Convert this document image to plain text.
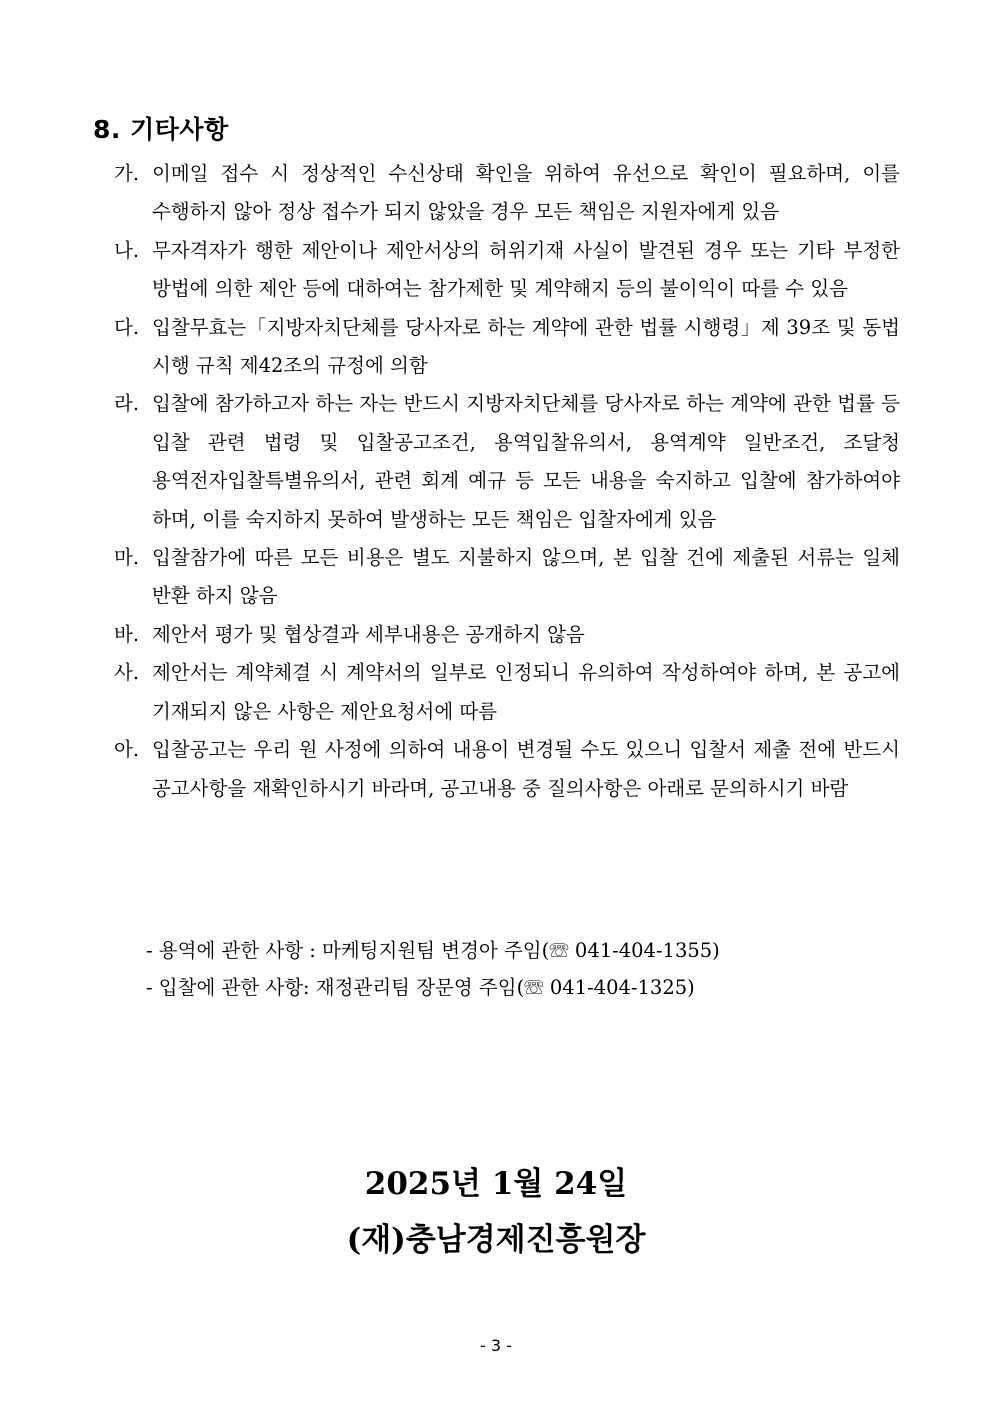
8. 기타사항
가. 이메일 접수 시 정상적인 수신상태 확인을 위하여 유선으로 확인이 필요하며, 이를 수행하지 않아 정상 접수가 되지 않았을 경우 모든 책임은 지원자에게 있음
나. 무자격자가 행한 제안이나 제안서상의 허위기재 사실이 발견된 경우 또는 기타 부정한 방법에 의한 제안 등에 대하여는 참가제한 및 계약해지 등의 불이익이 따를 수 있음
다. 입찰무효는「지방자치단체를 당사자로 하는 계약에 관한 법률 시행령」제 39조 및 동법 시행 규칙 제42조의 규정에 의함
라. 입찰에 참가하고자 하는 자는 반드시 지방자치단체를 당사자로 하는 계약에 관한 법률 등 입찰 관련 법령 및 입찰공고조건, 용역입찰유의서, 용역계약 일반조건, 조달청 용역전자입찰특별유의서, 관련 회계 예규 등 모든 내용을 숙지하고 입찰에 참가하여야 하며, 이를 숙지하지 못하여 발생하는 모든 책임은 입찰자에게 있음
마. 입찰참가에 따른 모든 비용은 별도 지불하지 않으며, 본 입찰 건에 제출된 서류는 일체 반환 하지 않음
바. 제안서 평가 및 협상결과 세부내용은 공개하지 않음
사. 제안서는 계약체결 시 계약서의 일부로 인정되니 유의하여 작성하여야 하며, 본 공고에 기재되지 않은 사항은 제안요청서에 따름
아. 입찰공고는 우리 원 사정에 의하여 내용이 변경될 수도 있으니 입찰서 제출 전에 반드시 공고사항을 재확인하시기 바라며, 공고내용 중 질의사항은 아래로 문의하시기 바람
- 용역에 관한 사항 : 마케팅지원팀 변경아 주임(☏ 041-404-1355)
- 입찰에 관한 사항: 재정관리팀 장문영 주임(☏ 041-404-1325)
2025년 1월 24일
(재)충남경제진흥원장
- 3 -
